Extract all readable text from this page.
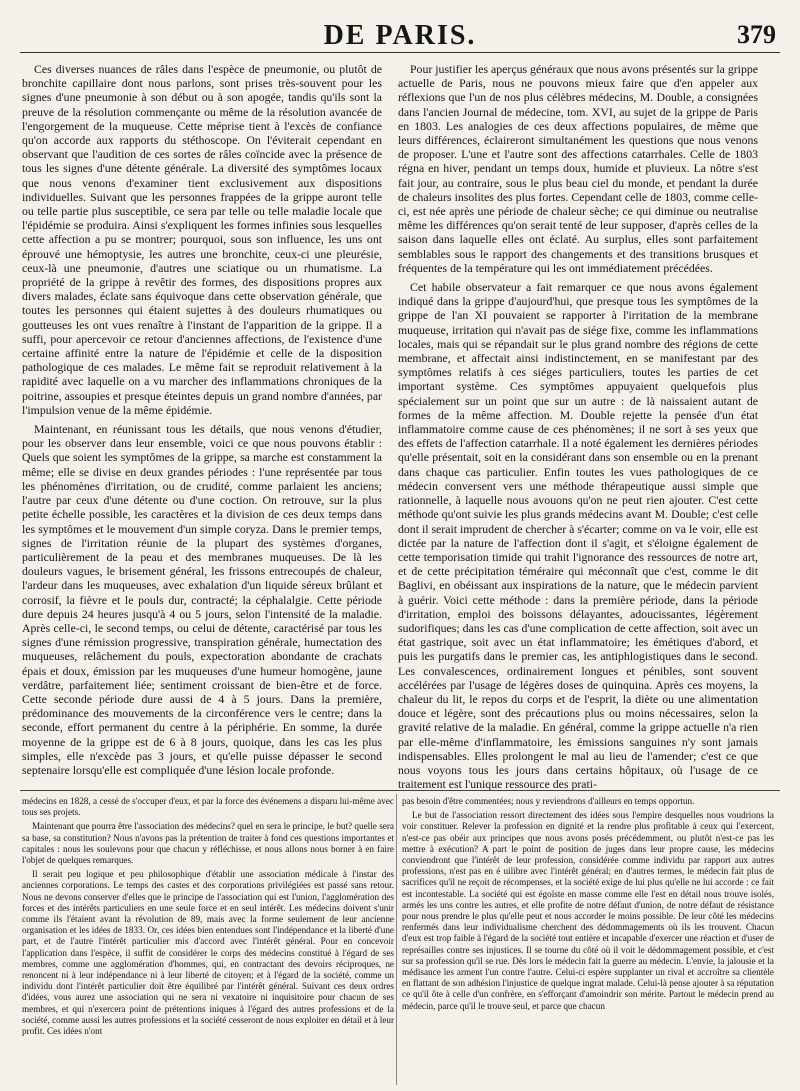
DE PARIS.	379

Ces diverses nuances de râles dans l'espèce de pneumonie, ou plutôt de bronchite capillaire dont nous parlons, sont prises très-souvent pour les signes d'une pneumonie à son début ou à son apogée, tandis qu'ils sont la preuve de la résolution commençante ou même de la résolution avancée de l'engorgement de la muqueuse. Cette méprise tient à l'excès de confiance qu'on accorde aux rapports du stéthoscope. On l'éviterait cependant en observant que l'audition de ces sortes de râles coïncide avec la présence de tous les signes d'une détente générale. La diversité des symptômes locaux que nous venons d'examiner tient exclusivement aux dispositions individuelles. Suivant que les personnes frappées de la grippe auront telle ou telle partie plus susceptible, ce sera par telle ou telle maladie locale que l'épidémie se produira. Ainsi s'expliquent les formes infinies sous lesquelles cette affection a pu se montrer; pourquoi, sous son influence, les uns ont éprouvé une hémoptysie, les autres une bronchite, ceux-ci une pleurésie, ceux-là une pneumonie, d'autres une sciatique ou un rhumatisme. La propriété de la grippe à revêtir des formes, des dispositions propres aux divers malades, éclate sans équivoque dans cette observation générale, que toutes les personnes qui étaient sujettes à des douleurs rhumatiques ou goutteuses les ont vues renaître à l'instant de l'apparition de la grippe. Il a suffi, pour apercevoir ce retour d'anciennes affections, de l'existence d'une certaine affinité entre la nature de l'épidémie et celle de la disposition pathologique de ces malades. Le même fait se reproduit relativement à la rapidité avec laquelle on a vu marcher des inflammations chroniques de la poitrine, assoupies et presque éteintes depuis un grand nombre d'années, par l'impulsion venue de la même épidémie.

Maintenant, en réunissant tous les détails, que nous venons d'étudier, pour les observer dans leur ensemble, voici ce que nous pouvons établir : Quels que soient les symptômes de la grippe, sa marche est constamment la même; elle se divise en deux grandes périodes : l'une représentée par tous les phénomènes d'irritation, ou de crudité, comme parlaient les anciens; l'autre par ceux d'une détente ou d'une coction. On retrouve, sur la plus petite échelle possible, les caractères et la division de ces deux temps dans les symptômes et le mouvement d'un simple coryza. Dans le premier temps, signes de l'irritation réunie de la plupart des systèmes d'organes, particulièrement de la peau et des membranes muqueuses. De là les douleurs vagues, le brisement général, les frissons entrecoupés de chaleur, l'ardeur dans les muqueuses, avec exhalation d'un liquide séreux brûlant et corrosif, la fièvre et le pouls dur, contracté; la céphalalgie. Cette période dure depuis 24 heures jusqu'à 4 ou 5 jours, selon l'intensité de la maladie. Après celle-ci, le second temps, ou celui de détente, caractérisé par tous les signes d'une rémission progressive, transpiration générale, humectation des muqueuses, relâchement du pouls, expectoration abondante de crachats épais et doux, émission par les muqueuses d'une humeur homogène, jaune verdâtre, parfaitement liée; sentiment croissant de bien-être et de force. Cette seconde période dure aussi de 4 à 5 jours. Dans la première, prédominance des mouvements de la circonférence vers le centre; dans la seconde, effort permanent du centre à la périphérie. En somme, la durée moyenne de la grippe est de 6 à 8 jours, quoique, dans les cas les plus simples, elle n'excède pas 3 jours, et qu'elle puisse dépasser le second septenaire lorsqu'elle est compliquée d'une lésion locale profonde.

Pour justifier les aperçus généraux que nous avons présentés sur la grippe actuelle de Paris, nous ne pouvons mieux faire que d'en appeler aux réflexions que l'un de nos plus célèbres médecins, M. Double, a consignées dans l'ancien Journal de médecine, tom. XVI, au sujet de la grippe de Paris en 1803. Les analogies de ces deux affections populaires, de même que leurs différences, éclaireront simultanément les questions que nous venons de proposer. L'une et l'autre sont des affections catarrhales. Celle de 1803 régna en hiver, pendant un temps doux, humide et pluvieux. La nôtre s'est fait jour, au contraire, sous le plus beau ciel du monde, et pendant la durée de chaleurs insolites des plus fortes. Cependant celle de 1803, comme celle-ci, est née après une période de chaleur sèche; ce qui diminue ou neutralise même les différences qu'on serait tenté de leur supposer, d'après celles de la saison dans laquelle elles ont éclaté. Au surplus, elles sont parfaitement semblables sous le rapport des changements et des transitions brusques et fréquentes de la température qui les ont immédiatement précédées.

Cet habile observateur a fait remarquer ce que nous avons également indiqué dans la grippe d'aujourd'hui, que presque tous les symptômes de la grippe de l'an XI pouvaient se rapporter à l'irritation de la membrane muqueuse, irritation qui n'avait pas de siége fixe, comme les inflammations locales, mais qui se répandait sur le plus grand nombre des régions de cette membrane, et affectait ainsi indistinctement, en se manifestant par des symptômes relatifs à ces siéges particuliers, toutes les parties de cet important système. Ces symptômes appuyaient quelquefois plus spécialement sur un point que sur un autre : de là naissaient autant de formes de la même affection. M. Double rejette la pensée d'un état inflammatoire comme cause de ces phénomènes; il ne sort à ses yeux que des effets de l'affection catarrhale. Il a noté également les dernières périodes qu'elle présentait, soit en la considérant dans son ensemble ou en la prenant dans chaque cas particulier. Enfin toutes les vues pathologiques de ce médecin conversent vers une méthode thérapeutique aussi simple que rationnelle, à laquelle nous avouons qu'on ne peut rien ajouter. C'est cette méthode qu'ont suivie les plus grands médecins avant M. Double; c'est celle dont il serait imprudent de chercher à s'écarter; comme on va le voir, elle est dictée par la nature de l'affection dont il s'agit, et s'éloigne également de cette temporisation timide qui trahit l'ignorance des ressources de notre art, et de cette précipitation téméraire qui méconnaît que c'est, comme le dit Baglivi, en obéissant aux inspirations de la nature, que le médecin parvient à guérir. Voici cette méthode : dans la première période, dans la période d'irritation, emploi des boissons délayantes, adoucissantes, légèrement sudorifiques; dans les cas d'une complication de cette affection, soit avec un état gastrique, soit avec un état inflammatoire; les émétiques d'abord, et puis les purgatifs dans le premier cas, les antiphlogistiques dans le second. Les convalescences, ordinairement longues et pénibles, sont souvent accélérées par l'usage de légères doses de quinquina. Après ces moyens, la chaleur du lit, le repos du corps et de l'esprit, la diète ou une alimentation douce et légère, sont des précautions plus ou moins nécessaires, selon la gravité relative de la maladie. En général, comme la grippe actuelle n'a rien par elle-même d'inflammatoire, les émissions sanguines n'y sont jamais indispensables. Elles prolongent le mal au lieu de l'amender; c'est ce que nous voyons tous les jours dans certains hôpitaux, où l'usage de ce traitement est l'unique ressource des prati-

médecins en 1828, a cessé de s'occuper d'eux, et par la force des événemens a disparu lui-même avec tous ses projets.

Maintenant que pourra être l'association des médecins? quel en sera le principe, le but? quelle sera sa base, sa constitution? Nous n'avons pas la prétention de traiter à fond ces questions importantes et capitales : nous les soulevons pour que chacun y réfléchisse, et nous allons nous borner à en faire l'objet de quelques remarques.

Il serait peu logique et peu philosophique d'établir une association médicale à l'instar des anciennes corporations. Le temps des castes et des corporations privilégiées est passé sans retour. Nous ne devons conserver d'elles que le principe de l'association qui est l'union, l'agglomération des forces et des intérêts particuliers en une seule force et en seul intérêt. Les médecins doivent s'unir comme ils l'étaient avant la révolution de 89, mais avec la forme seulement de leur ancienne organisation et les idées de 1833. Or, ces idées bien entendues sont l'indépendance et la liberté d'une part, et de l'autre l'intérêt particulier mis d'accord avec l'intérêt général. Pour en concevoir l'application dans l'espèce, il suffit de considérer le corps des médecins constitué à l'égard de ses membres, comme une agglomération d'hommes, qui, en contractant des devoirs réciproques, ne renoncent ni à leur indépendance ni à leur liberté de citoyen; et à l'égard de la société, comme un individu dont l'intérêt particulier doit être équilibré par l'intérêt général. Suivant ces deux ordres d'idées, vous aurez une association qui ne sera ni vexatoire ni inquisitoire pour chacun de ses membres, et qui n'exercera point de prétentions iniques à l'égard des autres professions et de la société, comme aussi les autres professions et la société cesseront de nous exploiter en détail et à leur profit. Ces idées n'ont

pas besoin d'être commentées; nous y reviendrons d'ailleurs en temps opportun.

Le but de l'association ressort directement des idées sous l'empire desquelles nous voudrions la voir constituer. Relever la profession en dignité et la rendre plus profitable à ceux qui l'exercent, n'est-ce pas obéir aux principes que nous avons posés précédemment, ou plutôt n'est-ce pas les mettre à exécution? A part le point de position de juges dans leur propre cause, les médecins conviendront que l'intérêt de leur profession, considérée comme individu par rapport aux autres professions, n'est pas en é uilibre avec l'intérêt général; en d'autres termes, le médecin fait plus de sacrifices qu'il ne reçoit de récompenses, et la société exige de lui plus qu'elle ne lui accorde : ce fait est incontestable. La société qui est égoïste en masse comme elle l'est en détail nous trouve isolés, armés les uns contre les autres, et elle profite de notre défaut d'union, de notre défaut de résistance pour nous prendre le plus qu'elle peut et nous accorder le moins possible. De leur côté les médecins renfermés dans leur individualisme cherchent des dédommagements où ils les trouvent. Chacun d'eux est trop faible à l'égard de la société tout entière et incapable d'exercer une réaction et d'user de représailles contre ses injustices. Il se tourne du côté où il voit le dédommagement possible, et c'est sur sa profession qu'il se rue. Dès lors le médecin fait la guerre au médecin. L'envie, la jalousie et la médisance les arment l'un contre l'autre. Celui-ci espère supplanter un rival et accroître sa clientèle en flattant de son adhésion l'injustice de quelque ingrat malade. Celui-là pense ajouter à sa réputation ce qu'il ôte à celle d'un confrère, en s'efforçant d'amoindrir son mérite. Partout le médecin prend au médecin, parce qu'il le trouve seul, et parce que chacun
